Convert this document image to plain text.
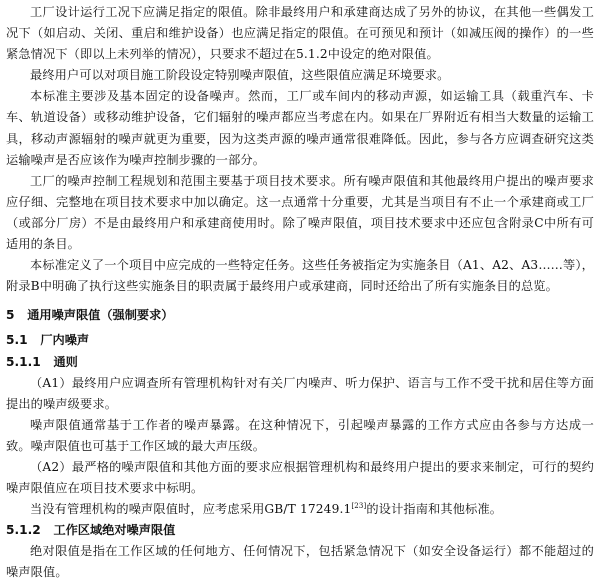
工厂设计运行工况下应满足指定的限值。除非最终用户和承建商达成了另外的协议，在其他一些偶发工况下（如启动、关闭、重启和维护设备）也应满足指定的限值。在可预见和预计（如减压阀的操作）的一些紧急情况下（即以上未列举的情况），只要求不超过在5.1.2中设定的绝对限值。

最终用户可以对项目施工阶段设定特别噪声限值，这些限值应满足环境要求。

本标准主要涉及基本固定的设备噪声。然而，工厂或车间内的移动声源，如运输工具（载重汽车、卡车、轨道设备）或移动维护设备，它们辐射的噪声都应当考虑在内。如果在厂界附近有相当大数量的运输工具，移动声源辐射的噪声就更为重要，因为这类声源的噪声通常很难降低。因此，参与各方应调查研究这类运输噪声是否应该作为噪声控制步骤的一部分。

工厂的噪声控制工程规划和范围主要基于项目技术要求。所有噪声限值和其他最终用户提出的噪声要求应仔细、完整地在项目技术要求中加以确定。这一点通常十分重要，尤其是当项目有不止一个承建商或工厂（或部分厂房）不是由最终用户和承建商使用时。除了噪声限值，项目技术要求中还应包含附录C中所有可适用的条目。

本标准定义了一个项目中应完成的一些特定任务。这些任务被指定为实施条目（A1、A2、A3……等），附录B中明确了执行这些实施条目的职责属于最终用户或承建商，同时还给出了所有实施条目的总览。

5 通用噪声限值（强制要求）
5.1 厂内噪声
5.1.1 通则

（A1）最终用户应调查所有管理机构针对有关厂内噪声、听力保护、语言与工作不受干扰和居住等方面提出的噪声级要求。

噪声限值通常基于工作者的噪声暴露。在这种情况下，引起噪声暴露的工作方式应由各参与方达成一致。噪声限值也可基于工作区域的最大声压级。

（A2）最严格的噪声限值和其他方面的要求应根据管理机构和最终用户提出的要求来制定，可行的契约噪声限值应在项目技术要求中标明。

当没有管理机构的噪声限值时，应考虑采用GB/T 17249.1[23]的设计指南和其他标准。

5.1.2 工作区域绝对噪声限值

绝对限值是指在工作区域的任何地方、任何情况下，包括紧急情况下（如安全设备运行）都不能超过的噪声限值。
